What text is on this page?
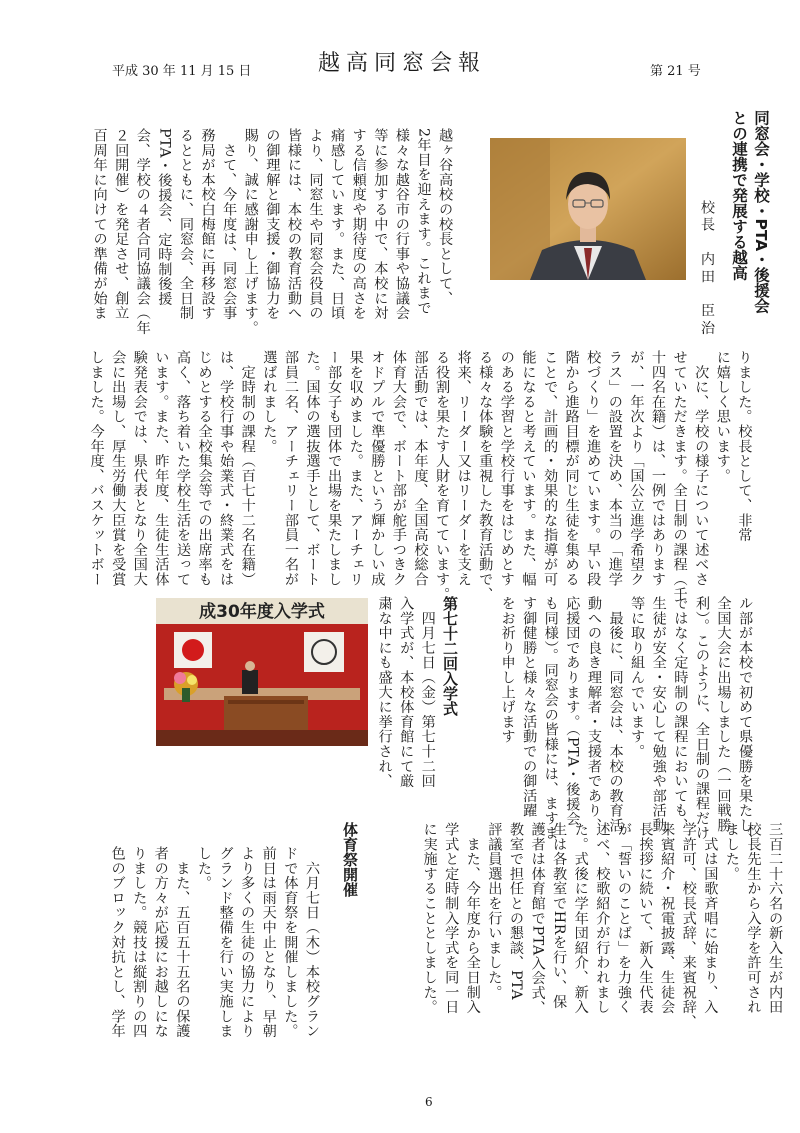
平成 30 年 11 月 15 日	越高同窓会報	第 21 号
同窓会・学校・PTA・後援会
との連携で発展する越高
校長　内田　臣治
越ヶ谷高校の校長として、
2年目を迎えます。これまで
様々な越谷市の行事や協議会
等に参加する中で、本校に対
する信頼度や期待度の高さを
痛感しています。また、日頃
より、同窓生や同窓会役員の
皆様には、本校の教育活動へ
の御理解と御支援・御協力を
賜り、誠に感謝申し上げます。
　さて、今年度は、同窓会事
務局が本校白梅館に再移設す
るとともに、同窓会、全日制
PTA・後援会、定時制後援
会、学校の４者合同協議会（年
２回開催）を発足させ、創立
百周年に向けての準備が始ま
りました。校長として、非常
に嬉しく思います。
　次に、学校の様子について述べさ
せていただきます。全日制の課程（千
十四名在籍）は、一例ではあります
が、一年次より「国公立進学希望ク
ラス」の設置を決め、本当の「進学
校づくり」を進めています。早い段
階から進路目標が同じ生徒を集める
ことで、計画的・効果的な指導が可
能になると考えています。また、幅
のある学習と学校行事をはじめとす
る様々な体験を重視した教育活動で、
将来、リーダー又はリーダーを支え
る役割を果たす人財を育てています。
部活動では、本年度、全国高校総合
体育大会で、ボート部が舵手つきク
オドプルで準優勝という輝かしい成
果を収めました。また、アーチェリ
ー部女子も団体で出場を果たしまし
た。国体の選抜選手として、ボート
部員二名、アーチェリー部員一名が
選ばれました。
　定時制の課程（百七十二名在籍）
は、学校行事や始業式・終業式をは
じめとする全校集会等での出席率も
高く、落ち着いた学校生活を送って
います。また、昨年度、生徒生活体
験発表会では、県代表となり全国大
会に出場し、厚生労働大臣賞を受賞
しました。今年度、バスケットボー
ル部が本校で初めて県優勝を果たし、
全国大会に出場しました（一回戦勝
利）。このように、全日制の課程だけ
ではなく定時制の課程においても、
生徒が安全・安心して勉強や部活動
等に取り組んでいます。
　最後に、同窓会は、本校の教育活
動への良き理解者・支援者であり、
応援団であります。（PTA・後援会
も同様）。同窓会の皆様には、ますま
す御健勝と様々な活動での御活躍
をお祈り申し上げます
第七十二回入学式
　四月七日（金）第七十二回
入学式が、本校体育館にて厳
粛な中にも盛大に挙行され、
成30年度入学式
三百二十六名の新入生が内田
校長先生から入学を許可され
ました。
　式は国歌斉唱に始まり、入
学許可、校長式辞、来賓祝辞、
来賓紹介・祝電披露、生徒会
長挨拶に続いて、新入生代表
が「誓いのことば」を力強く
述べ、校歌紹介が行われまし
た。式後に学年団紹介、新入
生は各教室でHRを行い、保
護者は体育館でPTA入会式、
教室で担任との懇談、PTA
評議員選出を行いました。
　また、今年度から全日制入
学式と定時制入学式を同一日
に実施することとしました。
体育祭開催
　六月七日（木）本校グラン
ドで体育祭を開催しました。
前日は雨天中止となり、早朝
より多くの生徒の協力により
グランド整備を行い実施しま
した。
　また、五百五十五名の保護
者の方々が応援にお越しにな
りました。競技は縦割りの四
色のブロック対抗とし、学年
6
